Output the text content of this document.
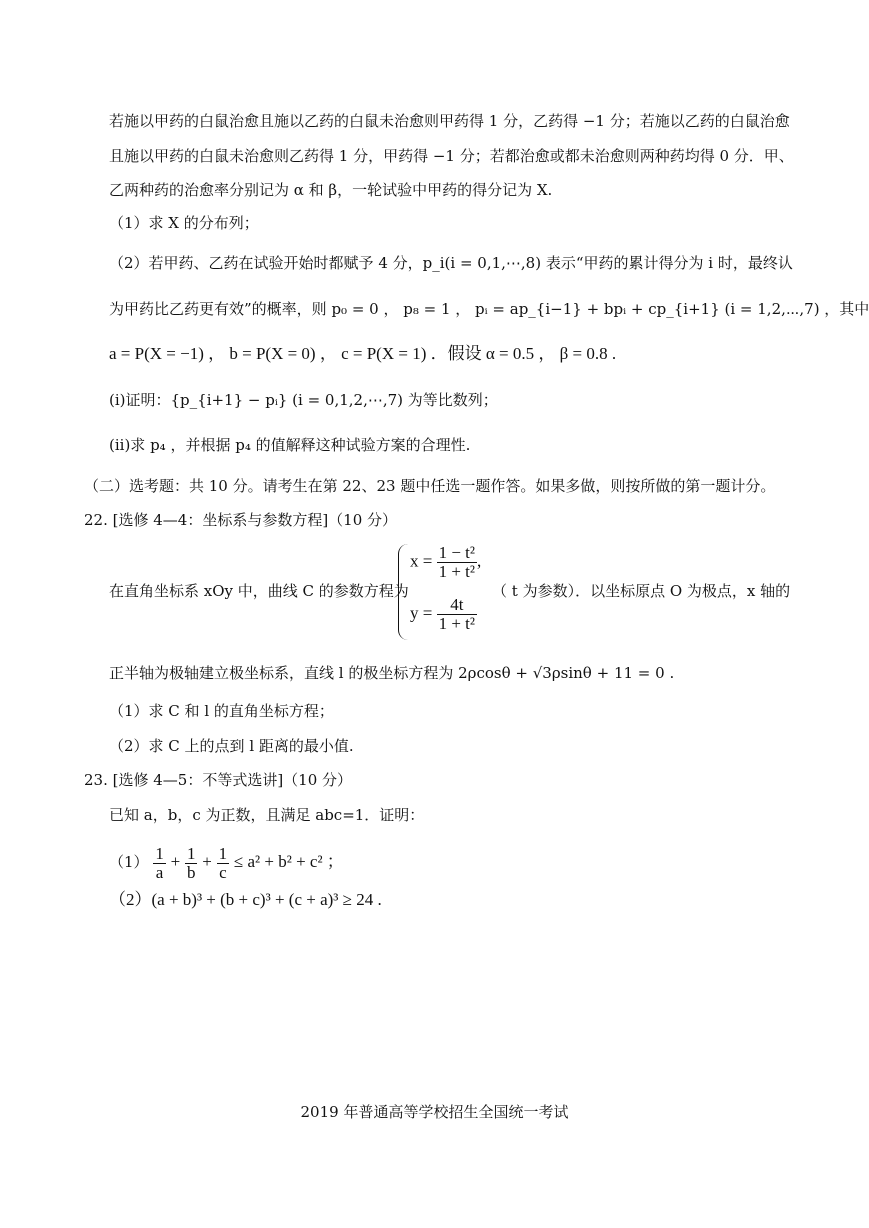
若施以甲药的白鼠治愈且施以乙药的白鼠未治愈则甲药得 1 分，乙药得 −1 分；若施以乙药的白鼠治愈
且施以甲药的白鼠未治愈则乙药得 1 分，甲药得 −1 分；若都治愈或都未治愈则两种药均得 0 分．甲、
乙两种药的治愈率分别记为 α 和 β，一轮试验中甲药的得分记为 X.
（1）求 X 的分布列；
（2）若甲药、乙药在试验开始时都赋予 4 分，p_i(i = 0,1,⋯,8) 表示“甲药的累计得分为 i 时，最终认
为甲药比乙药更有效”的概率，则 p₀ = 0 ， p₈ = 1 ， pᵢ = ap_{i−1} + bpᵢ + cp_{i+1} (i = 1,2,⋯,7) ，其中
a = P(X = −1) ， b = P(X = 0) ， c = P(X = 1) ．假设 α = 0.5 ， β = 0.8 .
(i)证明：{p_{i+1} − pᵢ} (i = 0,1,2,⋯,7) 为等比数列；
(ii)求 p₄ ，并根据 p₄ 的值解释这种试验方案的合理性.
（二）选考题：共 10 分。请考生在第 22、23 题中任选一题作答。如果多做，则按所做的第一题计分。
22. [选修 4—4：坐标系与参数方程]（10 分）
在直角坐标系 xOy 中，曲线 C 的参数方程为
$x = \frac{\text{1 − t²}}{\text{1 + t²}}$ ,
$y = \frac{4t}{\text{1 + t²}}$
（ t 为参数）．以坐标原点 O 为极点，x 轴的
正半轴为极轴建立极坐标系，直线 l 的极坐标方程为 2ρcosθ + √3ρsinθ + 11 = 0 .
（1）求 C 和 l 的直角坐标方程；
（2）求 C 上的点到 l 距离的最小值.
23. [选修 4—5：不等式选讲]（10 分）
已知 a，b，c 为正数，且满足 abc=1．证明：
$(1) \frac{1}{a} + \frac{1}{b} + \frac{1}{c} \le a^2 + b^2 + c^2$ ；
（2）(a + b)³ + (b + c)³ + (c + a)³ ≥ 24 .
2019 年普通高等学校招生全国统一考试
